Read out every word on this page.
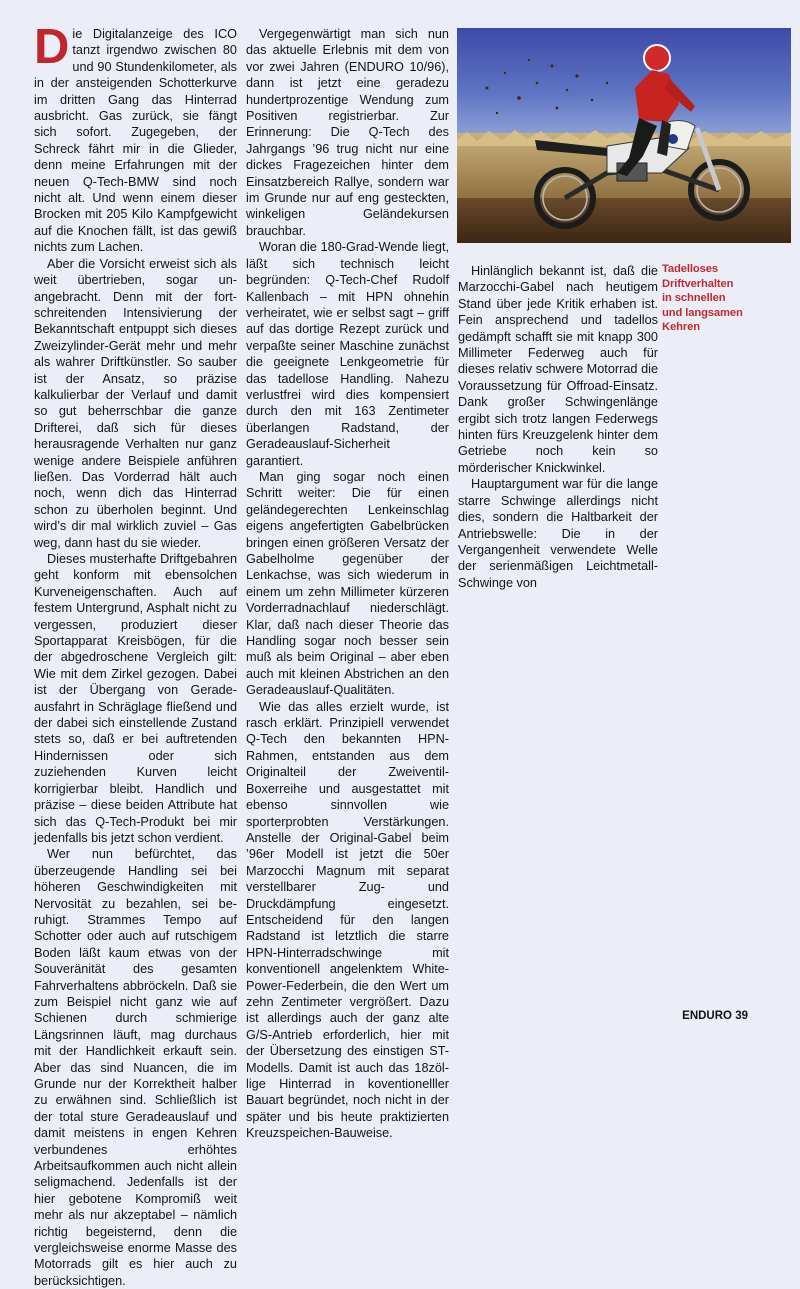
Die Digitalanzeige des ICO tanzt irgendwo zwischen 80 und 90 Stundenkilometer, als in der ansteigenden Schotterkurve im dritten Gang das Hinterrad ausbricht. Gas zurück, sie fängt sich sofort. Zugegeben, der Schreck fährt mir in die Glieder, denn meine Erfahrungen mit der neuen Q-Tech-BMW sind noch nicht alt. Und wenn einem dieser Brocken mit 205 Kilo Kampfgewicht auf die Knochen fällt, ist das gewiß nichts zum Lachen.

Aber die Vorsicht erweist sich als weit übertrieben, sogar unangebracht. Denn mit der fortschreitenden Intensivierung der Bekanntschaft entpuppt sich dieses Zweizylinder-Gerät mehr und mehr als wahrer Driftkünstler. So sauber ist der Ansatz, so präzise kalkulierbar der Verlauf und damit so gut beherrschbar die ganze Drifterei, daß sich für dieses herausragende Verhalten nur ganz wenige andere Beispiele anführen ließen. Das Vorderrad hält auch noch, wenn dich das Hinterrad schon zu überholen beginnt. Und wird’s dir mal wirklich zuviel – Gas weg, dann hast du sie wieder.

Dieses musterhafte Driftgebahren geht konform mit ebensolchen Kurveneigenschaften. Auch auf festem Untergrund, Asphalt nicht zu vergessen, produziert dieser Sportapparat Kreisbögen, für die der abgedroschene Vergleich gilt: Wie mit dem Zirkel gezogen. Dabei ist der Übergang von Geradeausfahrt in Schräglage fließend und der dabei sich einstellende Zustand stets so, daß er bei auftretenden Hindernissen oder sich zuziehenden Kurven leicht korrigierbar bleibt. Handlich und präzise – diese beiden Attribute hat sich das Q-Tech-Produkt bei mir jedenfalls bis jetzt schon verdient.

Wer nun befürchtet, das überzeugende Handling sei bei höheren Geschwindigkeiten mit Nervosität zu bezahlen, sei beruhigt. Strammes Tempo auf Schotter oder auch auf rutschigem Boden läßt kaum etwas von der Souveränität des gesamten Fahrverhaltens abbröckeln. Daß sie zum Beispiel nicht ganz wie auf Schienen durch schmierige Längsrinnen läuft, mag durchaus mit der Handlichkeit erkauft sein. Aber das sind Nuancen, die im Grunde nur der Korrektheit halber zu erwähnen sind. Schließlich ist der total sture Geradeauslauf und damit meistens in engen Kehren verbundenes erhöhtes Arbeitsaufkommen auch nicht allein seligmachend. Jedenfalls ist der hier gebotene Kompromiß weit mehr als nur akzeptabel – nämlich richtig begeisternd, denn die vergleichsweise enorme Masse des Motorrads gilt es hier auch zu berücksichtigen.

Vergegenwärtigt man sich nun das aktuelle Erlebnis mit dem von vor zwei Jahren (ENDURO 10/96), dann ist jetzt eine geradezu hundertprozentige Wendung zum Positiven registrierbar. Zur Erinnerung: Die Q-Tech des Jahrgangs ’96 trug nicht nur eine dickes Fragezeichen hinter dem Einsatzbereich Rallye, sondern war im Grunde nur auf eng gesteckten, winkeligen Geländekursen brauchbar.

Woran die 180-Grad-Wende liegt, läßt sich technisch leicht begründen: Q-Tech-Chef Rudolf Kallenbach – mit HPN ohnehin verheiratet, wie er selbst sagt – griff auf das dortige Rezept zurück und verpaßte seiner Maschine zunächst die geeignete Lenkgeometrie für das tadellose Handling. Nahezu verlustfrei wird dies kompensiert durch den mit 163 Zentimeter überlangen Radstand, der Geradeauslauf-Sicherheit garantiert.

Man ging sogar noch einen Schritt weiter: Die für einen geländegerechten Lenkeinschlag eigens angefertigten Gabelbrücken bringen einen größeren Versatz der Gabelholme gegenüber der Lenkachse, was sich wiederum in einem um zehn Millimeter kürzeren Vorderradnachlauf niederschlägt. Klar, daß nach dieser Theorie das Handling sogar noch besser sein muß als beim Original – aber eben auch mit kleinen Abstrichen an den Geradeauslauf-Qualitäten.

Wie das alles erzielt wurde, ist rasch erklärt. Prinzipiell verwendet Q-Tech den bekannten HPN-Rahmen, entstanden aus dem Originalteil der Zweiventil-Boxerreihe und ausgestattet mit ebenso sinnvollen wie sporterprobten Verstärkungen. Anstelle der Original-Gabel beim ’96er Modell ist jetzt die 50er Marzocchi Magnum mit separat verstellbarer Zug- und Druckdämpfung eingesetzt. Entscheidend für den langen Radstand ist letztlich die starre HPN-Hinterradschwinge mit konventionell angelenktem White-Power-Federbein, die den Wert um zehn Zentimeter vergrößert. Dazu ist allerdings auch der ganz alte G/S-Antrieb erforderlich, hier mit der Übersetzung des einstigen ST-Modells. Damit ist auch das 18zöllige Hinterrad in koventionelller Bauart begründet, noch nicht in der später und bis heute praktizierten Kreuzspeichen-Bauweise.

Hinlänglich bekannt ist, daß die Marzocchi-Gabel nach heutigem Stand über jede Kritik erhaben ist. Fein ansprechend und tadellos gedämpft schafft sie mit knapp 300 Millimeter Federweg auch für dieses relativ schwere Motorrad die Voraussetzung für Offroad-Einsatz. Dank großer Schwingenlänge ergibt sich trotz langen Federwegs hinten fürs Kreuzgelenk hinter dem Getriebe noch kein so mörderischer Knickwinkel.

Hauptargument war für die lange starre Schwinge allerdings nicht dies, sondern die Haltbarkeit der Antriebswelle: Die in der Vergangenheit verwendete Welle der serienmäßigen Leichtmetall-Schwinge von

Tadelloses
Driftverhalten
in schnellen
und langsamen
Kehren
ENDURO 39
